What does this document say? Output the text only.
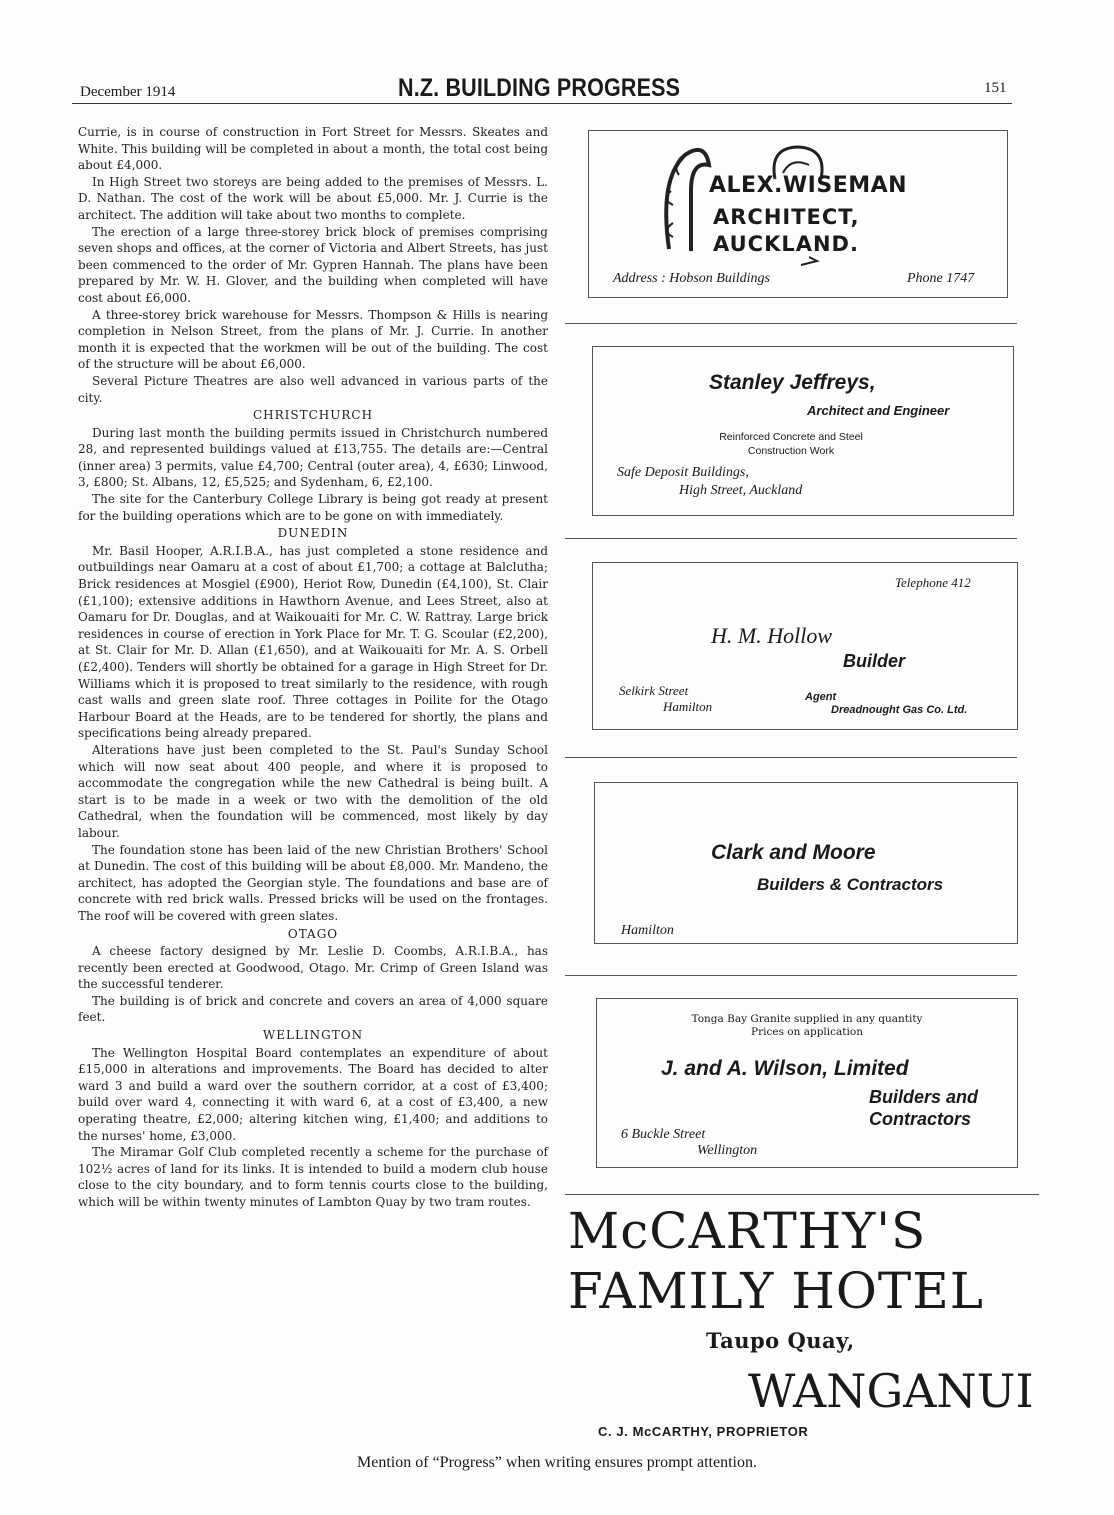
December 1914	N.Z. BUILDING PROGRESS	151

Currie, is in course of construction in Fort Street for Messrs. Skeates and White. This building will be completed in about a month, the total cost being about £4,000.

In High Street two storeys are being added to the premises of Messrs. L. D. Nathan. The cost of the work will be about £5,000. Mr. J. Currie is the architect. The addition will take about two months to complete.

The erection of a large three-storey brick block of premises comprising seven shops and offices, at the corner of Victoria and Albert Streets, has just been commenced to the order of Mr. Gypren Hannah. The plans have been prepared by Mr. W. H. Glover, and the building when completed will have cost about £6,000.

A three-storey brick warehouse for Messrs. Thompson & Hills is nearing completion in Nelson Street, from the plans of Mr. J. Currie. In another month it is expected that the workmen will be out of the building. The cost of the structure will be about £6,000.

Several Picture Theatres are also well advanced in various parts of the city.

CHRISTCHURCH

During last month the building permits issued in Christchurch numbered 28, and represented buildings valued at £13,755. The details are:—Central (inner area) 3 permits, value £4,700; Central (outer area), 4, £630; Linwood, 3, £800; St. Albans, 12, £5,525; and Sydenham, 6, £2,100.

The site for the Canterbury College Library is being got ready at present for the building operations which are to be gone on with immediately.

DUNEDIN

Mr. Basil Hooper, A.R.I.B.A., has just completed a stone residence and outbuildings near Oamaru at a cost of about £1,700; a cottage at Balclutha; Brick residences at Mosgiel (£900), Heriot Row, Dunedin (£4,100), St. Clair (£1,100); extensive additions in Hawthorn Avenue, and Lees Street, also at Oamaru for Dr. Douglas, and at Waikouaiti for Mr. C. W. Rattray. Large brick residences in course of erection in York Place for Mr. T. G. Scoular (£2,200), at St. Clair for Mr. D. Allan (£1,650), and at Waikouaiti for Mr. A. S. Orbell (£2,400). Tenders will shortly be obtained for a garage in High Street for Dr. Williams which it is proposed to treat similarly to the residence, with rough cast walls and green slate roof. Three cottages in Poilite for the Otago Harbour Board at the Heads, are to be tendered for shortly, the plans and specifications being already prepared.

Alterations have just been completed to the St. Paul's Sunday School which will now seat about 400 people, and where it is proposed to accommodate the congregation while the new Cathedral is being built. A start is to be made in a week or two with the demolition of the old Cathedral, when the foundation will be commenced, most likely by day labour.

The foundation stone has been laid of the new Christian Brothers' School at Dunedin. The cost of this building will be about £8,000. Mr. Mandeno, the architect, has adopted the Georgian style. The foundations and base are of concrete with red brick walls. Pressed bricks will be used on the frontages. The roof will be covered with green slates.

OTAGO

A cheese factory designed by Mr. Leslie D. Coombs, A.R.I.B.A., has recently been erected at Goodwood, Otago. Mr. Crimp of Green Island was the successful tenderer.

The building is of brick and concrete and covers an area of 4,000 square feet.

WELLINGTON

The Wellington Hospital Board contemplates an expenditure of about £15,000 in alterations and improvements. The Board has decided to alter ward 3 and build a ward over the southern corridor, at a cost of £3,400; build over ward 4, connecting it with ward 6, at a cost of £3,400, a new operating theatre, £2,000; altering kitchen wing, £1,400; and additions to the nurses' home, £3,000.

The Miramar Golf Club completed recently a scheme for the purchase of 102½ acres of land for its links. It is intended to build a modern club house close to the city boundary, and to form tennis courts close to the building, which will be within twenty minutes of Lambton Quay by two tram routes.

ALEX.WISEMAN
ARCHITECT,
AUCKLAND.
Address : Hobson Buildings	Phone 1747
Stanley Jeffreys,
Architect and Engineer
Reinforced Concrete and Steel
Construction Work
Safe Deposit Buildings,
High Street, Auckland
Telephone 412
H. M. Hollow
Builder
Selkirk Street
Hamilton
Agent
Dreadnought Gas Co. Ltd.
Clark and Moore
Builders & Contractors
Hamilton
Tonga Bay Granite supplied in any quantity
Prices on application
J. and A. Wilson, Limited
Builders and
Contractors
6 Buckle Street
Wellington
McCARTHY'S
FAMILY HOTEL
Taupo Quay,
WANGANUI
C. J. McCARTHY, PROPRIETOR
Mention of “Progress” when writing ensures prompt attention.
